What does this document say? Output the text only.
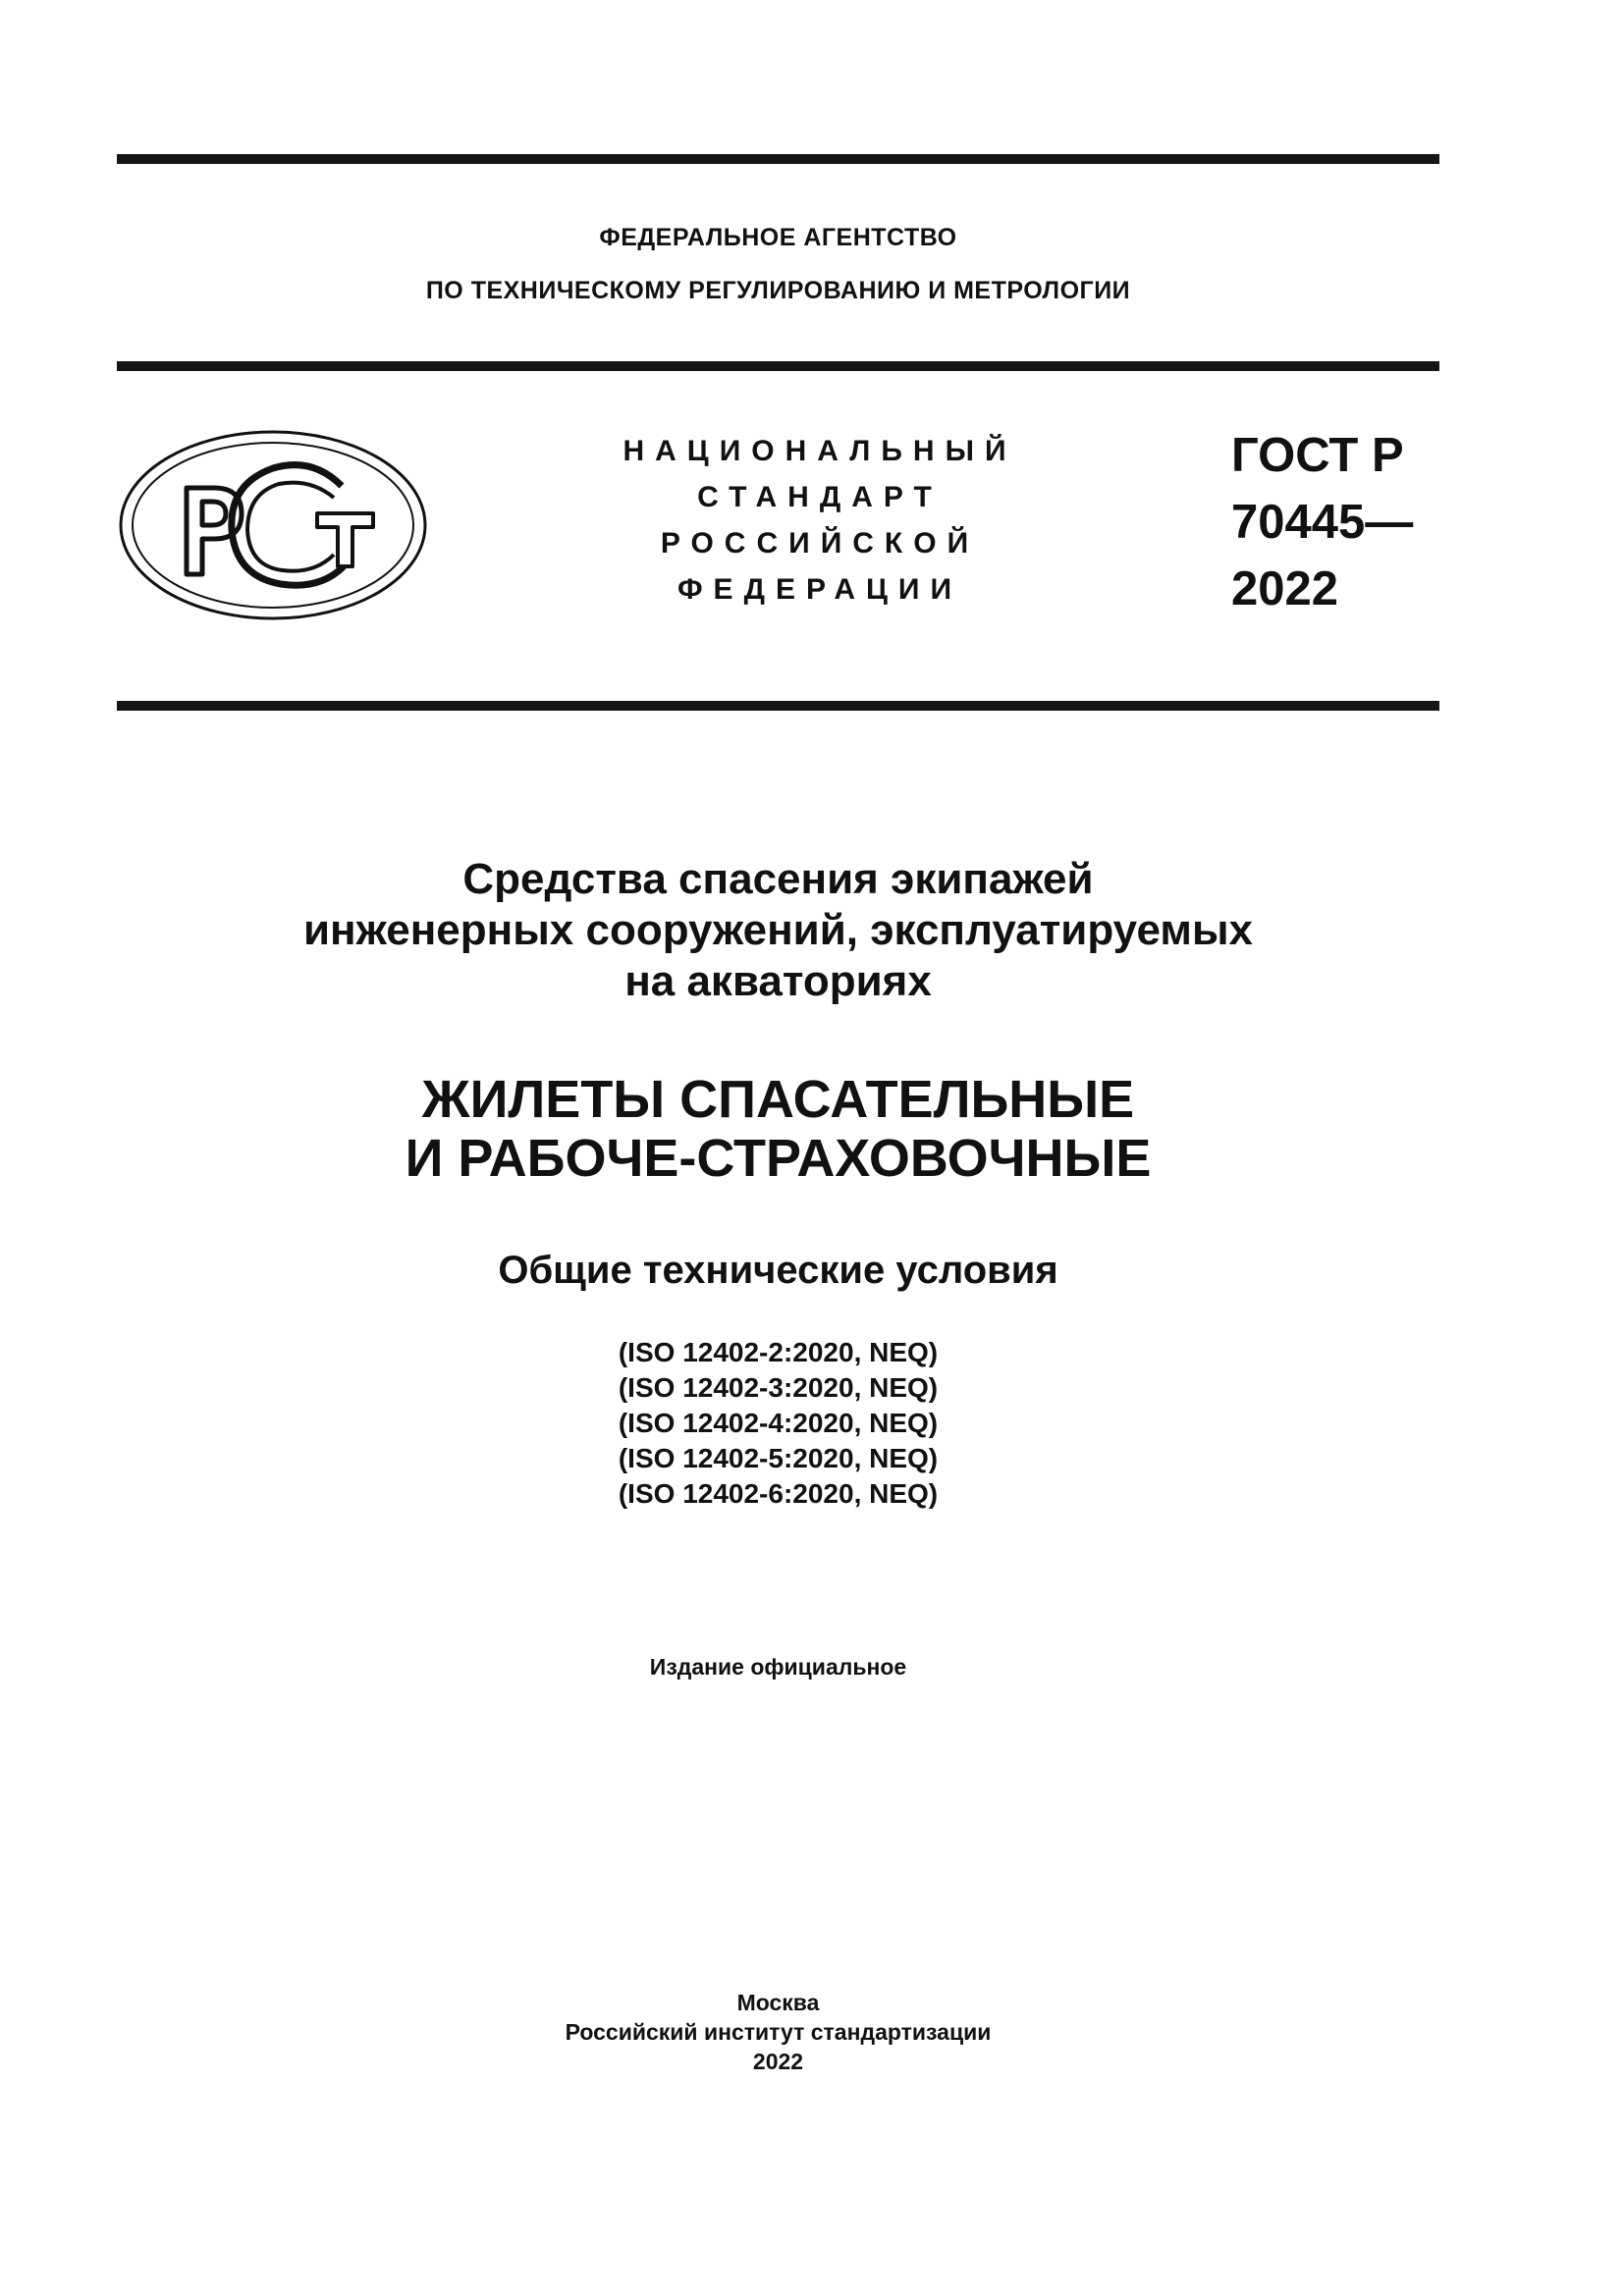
ФЕДЕРАЛЬНОЕ АГЕНТСТВО
ПО ТЕХНИЧЕСКОМУ РЕГУЛИРОВАНИЮ И МЕТРОЛОГИИ
НАЦИОНАЛЬНЫЙ
СТАНДАРТ
РОССИЙСКОЙ
ФЕДЕРАЦИИ
ГОСТ Р
70445—
2022
Средства спасения экипажей
инженерных сооружений, эксплуатируемых
на акваториях
ЖИЛЕТЫ СПАСАТЕЛЬНЫЕ
И РАБОЧЕ-СТРАХОВОЧНЫЕ
Общие технические условия
(ISO 12402-2:2020, NEQ)
(ISO 12402-3:2020, NEQ)
(ISO 12402-4:2020, NEQ)
(ISO 12402-5:2020, NEQ)
(ISO 12402-6:2020, NEQ)
Издание официальное
Москва
Российский институт стандартизации
2022
